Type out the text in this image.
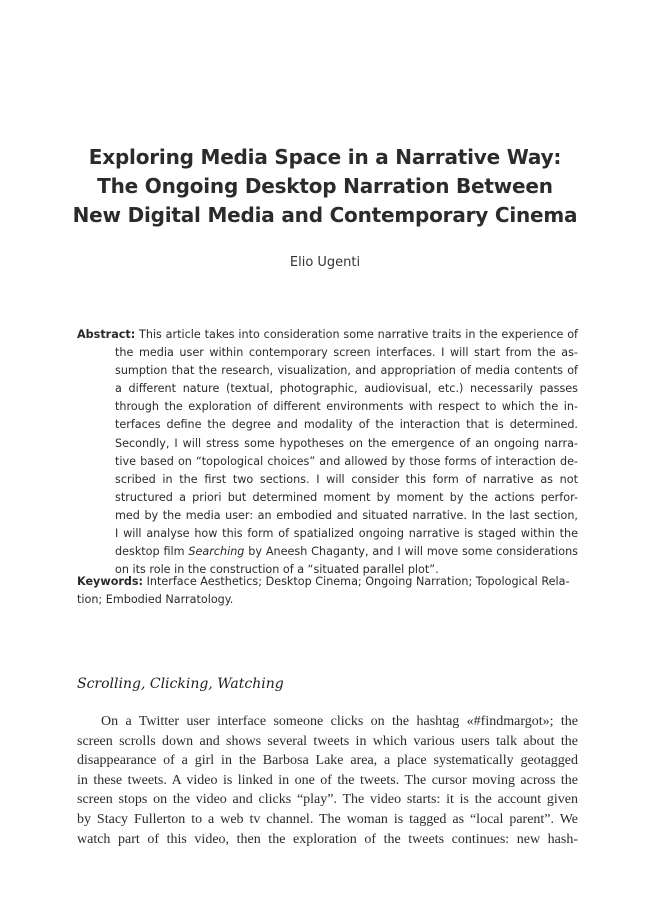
Exploring Media Space in a Narrative Way:
The Ongoing Desktop Narration Between
New Digital Media and Contemporary Cinema
Elio Ugenti
Abstract: This article takes into consideration some narrative traits in the experience of
the media user within contemporary screen interfaces. I will start from the as-
sumption that the research, visualization, and appropriation of media contents of
a different nature (textual, photographic, audiovisual, etc.) necessarily passes
through the exploration of different environments with respect to which the in-
terfaces define the degree and modality of the interaction that is determined.
Secondly, I will stress some hypotheses on the emergence of an ongoing narra-
tive based on “topological choices” and allowed by those forms of interaction de-
scribed in the first two sections. I will consider this form of narrative as not
structured a priori but determined moment by moment by the actions perfor-
med by the media user: an embodied and situated narrative. In the last section,
I will analyse how this form of spatialized ongoing narrative is staged within the
desktop film Searching by Aneesh Chaganty, and I will move some considerations
on its role in the construction of a “situated parallel plot”.
Keywords: Interface Aesthetics; Desktop Cinema; Ongoing Narration; Topological Rela-
tion; Embodied Narratology.
Scrolling, Clicking, Watching
On a Twitter user interface someone clicks on the hashtag «#findmargot»; the
screen scrolls down and shows several tweets in which various users talk about the
disappearance of a girl in the Barbosa Lake area, a place systematically geotagged
in these tweets. A video is linked in one of the tweets. The cursor moving across the
screen stops on the video and clicks “play”. The video starts: it is the account given
by Stacy Fullerton to a web tv channel. The woman is tagged as “local parent”. We
watch part of this video, then the exploration of the tweets continues: new hash-
